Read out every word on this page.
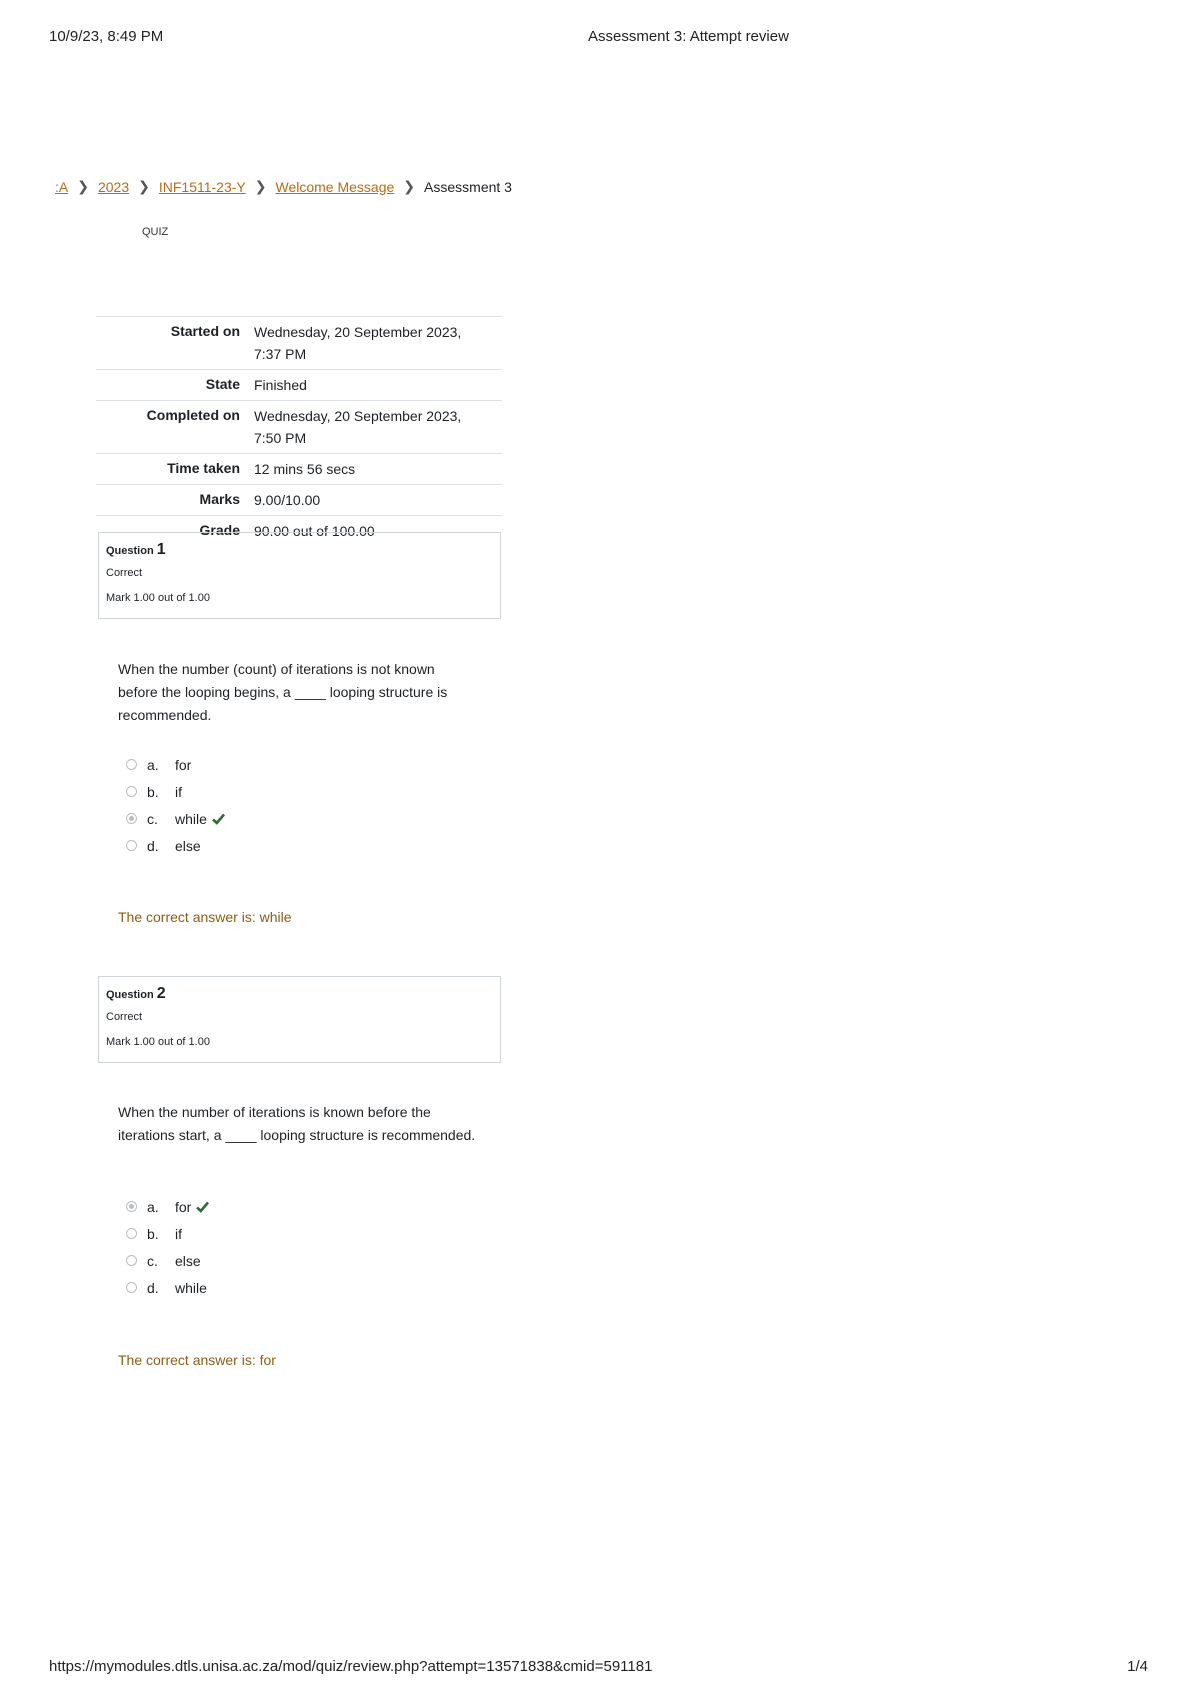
10/9/23, 8:49 PM	Assessment 3: Attempt review
:A ❯ 2023 ❯ INF1511-23-Y ❯ Welcome Message ❯ Assessment 3
QUIZ
Started on	Wednesday, 20 September 2023, 7:37 PM
State	Finished
Completed on	Wednesday, 20 September 2023, 7:50 PM
Time taken	12 mins 56 secs
Marks	9.00/10.00
Grade	90.00 out of 100.00
Question 1
Correct
Mark 1.00 out of 1.00
When the number (count) of iterations is not known before the looping begins, a ____ looping structure is recommended.
a.	for
b.	if
c.	while
d.	else
The correct answer is: while
Question 2
Correct
Mark 1.00 out of 1.00
When the number of iterations is known before the iterations start, a ____ looping structure is recommended.
a.	for
b.	if
c.	else
d.	while
The correct answer is: for
https://mymodules.dtls.unisa.ac.za/mod/quiz/review.php?attempt=13571838&cmid=591181	1/4
